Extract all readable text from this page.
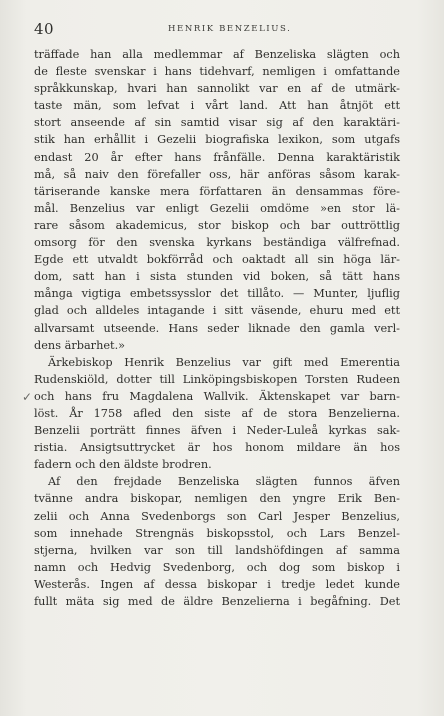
40	HENRIK BENZELIUS.
✓
träffade han alla medlemmar af Benzeliska slägten och
de fleste svenskar i hans tidehvarf, nemligen i omfattande
språkkunskap, hvari han sannolikt var en af de utmärk-
taste män, som lefvat i vårt land. Att han åtnjöt ett
stort anseende af sin samtid visar sig af den karaktäri-
stik han erhållit i Gezelii biografiska lexikon, som utgafs
endast 20 år efter hans frånfälle. Denna karaktäristik
må, så naiv den förefaller oss, här anföras såsom karak-
täriserande kanske mera författaren än densammas före-
mål. Benzelius var enligt Gezelii omdöme »en stor lä-
rare såsom akademicus, stor biskop och bar outtröttlig
omsorg för den svenska kyrkans beständiga välfrefnad.
Egde ett utvaldt bokförråd och oaktadt all sin höga lär-
dom, satt han i sista stunden vid boken, så tätt hans
många vigtiga embetssysslor det tillåto. — Munter, ljuflig
glad och alldeles intagande i sitt väsende, ehuru med ett
allvarsamt utseende. Hans seder liknade den gamla verl-
dens ärbarhet.»
Ärkebiskop Henrik Benzelius var gift med Emerentia
Rudenskiöld, dotter till Linköpingsbiskopen Torsten Rudeen
och hans fru Magdalena Wallvik. Äktenskapet var barn-
löst. År 1758 afled den siste af de stora Benzelierna.
Benzelii porträtt finnes äfven i Neder-Luleå kyrkas sak-
ristia. Ansigtsuttrycket är hos honom mildare än hos
fadern och den äldste brodren.
Af den frejdade Benzeliska slägten funnos äfven
tvänne andra biskopar, nemligen den yngre Erik Ben-
zelii och Anna Svedenborgs son Carl Jesper Benzelius,
som innehade Strengnäs biskopsstol, och Lars Benzel-
stjerna, hvilken var son till landshöfdingen af samma
namn och Hedvig Svedenborg, och dog som biskop i
Westerås. Ingen af dessa biskopar i tredje ledet kunde
fullt mäta sig med de äldre Benzelierna i begåfning. Det
